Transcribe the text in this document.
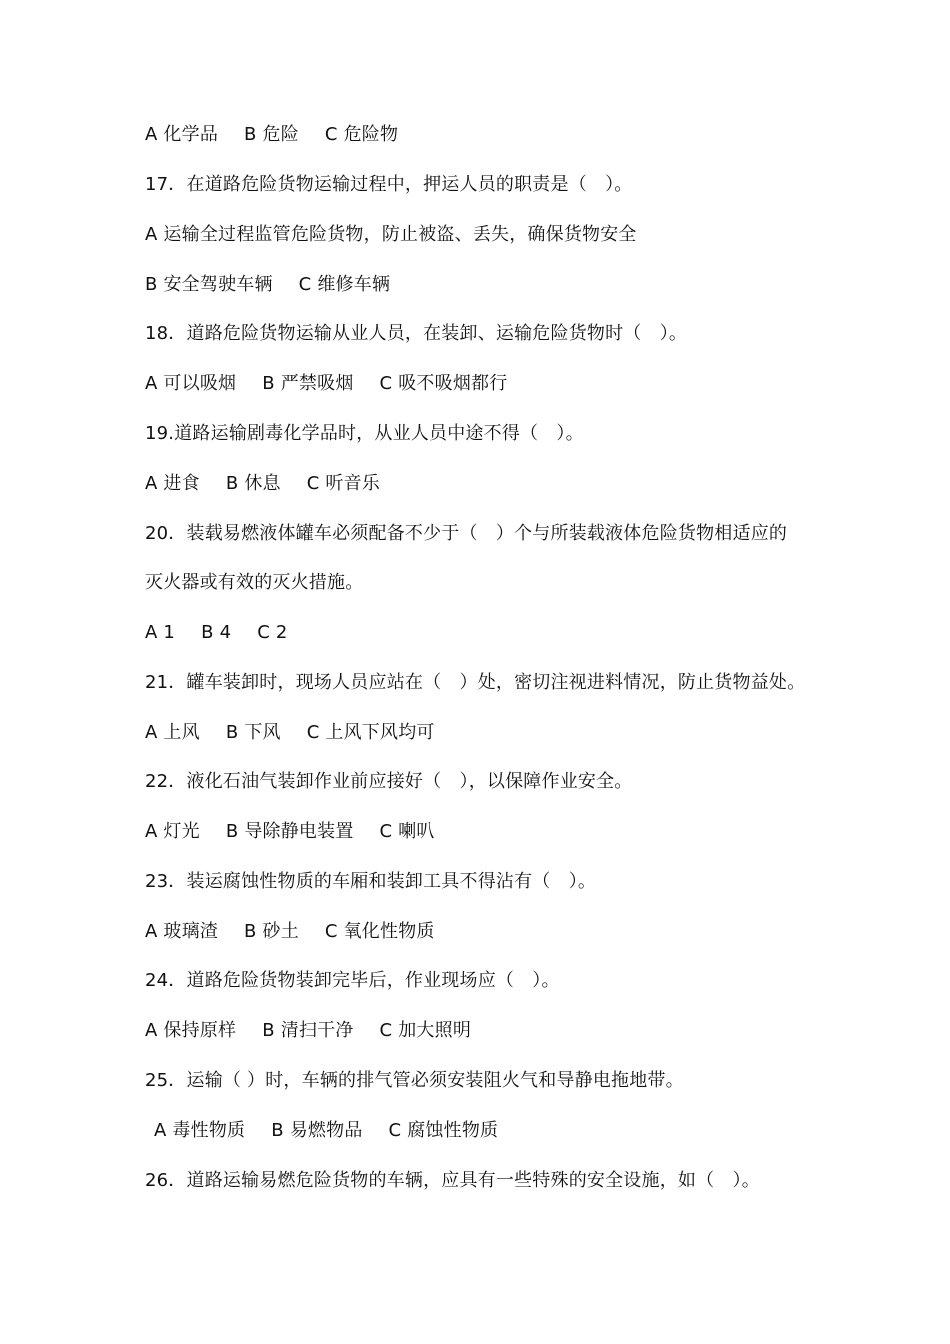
A 化学品 B 危险 C 危险物
17．在道路危险货物运输过程中，押运人员的职责是（　）。
A 运输全过程监管危险货物，防止被盗、丢失，确保货物安全
B 安全驾驶车辆 C 维修车辆
18．道路危险货物运输从业人员，在装卸、运输危险货物时（　）。
A 可以吸烟 B 严禁吸烟 C 吸不吸烟都行
19.道路运输剧毒化学品时，从业人员中途不得（　）。
A 进食 B 休息 C 听音乐
20．装载易燃液体罐车必须配备不少于（　）个与所装载液体危险货物相适应的
灭火器或有效的灭火措施。
A 1 B 4 C 2
21．罐车装卸时，现场人员应站在（　）处，密切注视进料情况，防止货物益处。
A 上风 B 下风 C 上风下风均可
22．液化石油气装卸作业前应接好（　），以保障作业安全。
A 灯光 B 导除静电装置 C 喇叭
23．装运腐蚀性物质的车厢和装卸工具不得沾有（　）。
A 玻璃渣 B 砂土 C 氧化性物质
24．道路危险货物装卸完毕后，作业现场应（　）。
A 保持原样 B 清扫干净 C 加大照明
25．运输（ ）时，车辆的排气管必须安装阻火气和导静电拖地带。
A 毒性物质 B 易燃物品 C 腐蚀性物质
26．道路运输易燃危险货物的车辆，应具有一些特殊的安全设施，如（　）。
